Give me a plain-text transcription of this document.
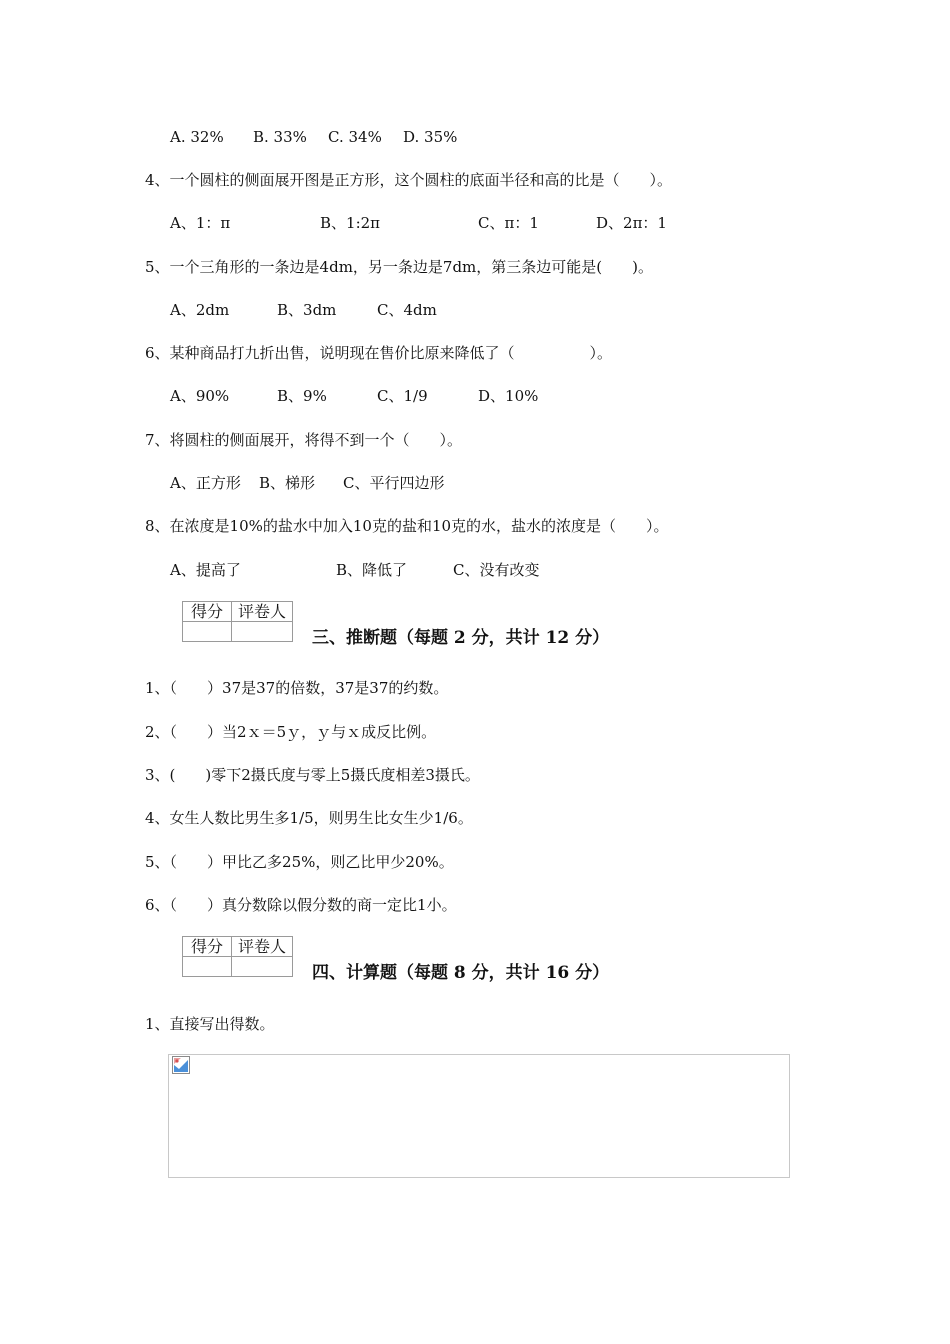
A. 32% B. 33% C. 34% D. 35%
4、一个圆柱的侧面展开图是正方形，这个圆柱的底面半径和高的比是（　　）。
A、1：π	B、1:2π	C、π：1	D、2π：1
5、一个三角形的一条边是4dm，另一条边是7dm，第三条边可能是(　　)。
A、2dm	B、3dm	C、4dm
6、某种商品打九折出售，说明现在售价比原来降低了（　　　　　）。
A、90%	B、9%	C、1/9	D、10%
7、将圆柱的侧面展开，将得不到一个（　　）。
A、正方形 B、梯形 C、平行四边形
8、在浓度是10%的盐水中加入10克的盐和10克的水，盐水的浓度是（　　）。
A、提高了	B、降低了	C、没有改变
得分	评卷人

三、推断题（每题 2 分，共计 12 分）
1、（　　）37是37的倍数，37是37的约数。
2、（　　）当2ｘ＝5ｙ，ｙ与ｘ成反比例。
3、(　　)零下2摄氏度与零上5摄氏度相差3摄氏。
4、女生人数比男生多1/5，则男生比女生少1/6。
5、（　　）甲比乙多25%，则乙比甲少20%。
6、（　　）真分数除以假分数的商一定比1小。
得分	评卷人

四、计算题（每题 8 分，共计 16 分）
1、直接写出得数。
